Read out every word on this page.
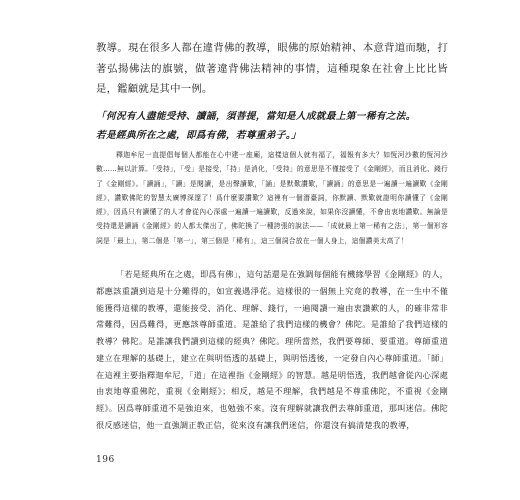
教導。現在很多人都在違背佛的教導，眼佛的原始精神、本意背道而馳，打著弘揚佛法的旗號，做著違背佛法精神的事情，這種現象在社會上比比皆是，鑑顧就是其中一例。

「何況有人盡能受持、讀誦，須菩提，當知是人成就最上第一稀有之法。

若是經典所在之處，即爲有佛，若尊重弟子。」

釋迦牟尼一直提倡每個人都能在心中建一座廟，這樣這個人就有福了，福報有多大？如恆河沙數的恆河沙數……無以計算。「受持」，「受」是接受，「持」是消化，「受持」的意思是不僅接受了《金剛經》，而且消化、錢行了《金剛經》。「讀誦」，「讀」是閱讀，是出聲讀歎，「誦」是默歎讚歎，「讀誦」的意思是一遍讀一遍讀歎《金剛經》，讚歎佛陀的智慧太廣博深邃了！爲什麼要讚歎？這裡有一個潛臺詞，你默讀、默歎就證明你讀懂了《金剛經》，因爲只有讀懂了的人才會從內心深處一遍讀一遍讀歎，反過來說，如果你沒讀懂，不會由衷地讚歎。無論是受持還是讀誦《金剛經》的人都太傑出了，佛陀換了一種誇張的說法——「成就最上第一稀有之法」，第一個形容詞是「最上」，第二個是「第一」，第三個是「稀有」，這三個詞合放在一個人身上，這個讚美太高了！

「若是經典所在之處，即爲有佛」，這句話還是在強調每個能有機緣學習《金剛經》的人，都應該重讀到這是十分難得的，如宣義遇淨花。這樣很的一個無上究竟的教導，在一生中不僅能獲得這樣的教導，還能接受、消化、理解、錢行，一遍閱讀一遍由衷讚歎的人，的確非常非常難得，因爲難得，更應該尊師重道。是誰給了我們這樣的機會？佛陀。是誰給了我們這樣的教導？佛陀。是誰讓我們讀到這樣的經典？佛陀。理所當然，我們要尊師、要重道。尊師重道建立在理解的基礎上，建立在與明悟透的基礎上，與明悟透後，一定發自內心尊師重道。「師」在這裡主要指釋迦牟尼，「道」在這裡指《金剛經》的智慧。越是明悟透，我們越會從內心深處由衷地尊重佛陀，重視《金剛經》；相反，越是不理解，我們越是不尊重佛陀，不重視《金剛經》。因爲尊師重道不是強迫來，也勉強不來。沒有理解就讓我們去尊師重道，那叫迷信。佛陀很反感迷信，他一直強調正教正信，從來沒有讓我們迷信，你還沒有搞清楚我的教導，

196
